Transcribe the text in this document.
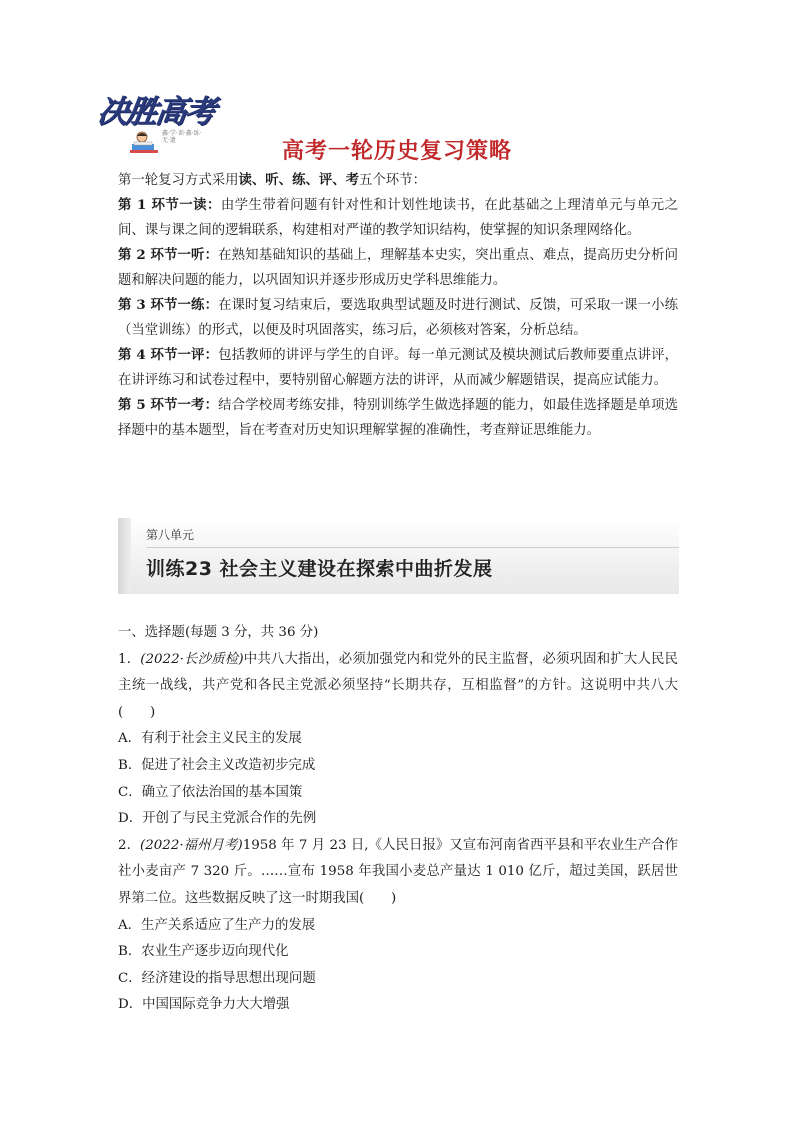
决胜高考
鑫·学·训·鑫·练·无·遗	高考一轮历史复习策略

第一轮复习方式采用读、听、练、评、考五个环节：

第 1 环节一读：由学生带着问题有针对性和计划性地读书，在此基础之上理清单元与单元之间、课与课之间的逻辑联系，构建相对严谨的教学知识结构，使掌握的知识条理网络化。

第 2 环节一听：在熟知基础知识的基础上，理解基本史实，突出重点、难点，提高历史分析问题和解决问题的能力，以巩固知识并逐步形成历史学科思维能力。

第 3 环节一练：在课时复习结束后，要选取典型试题及时进行测试、反馈，可采取一课一小练（当堂训练）的形式，以便及时巩固落实，练习后，必须核对答案，分析总结。

第 4 环节一评：包括教师的讲评与学生的自评。每一单元测试及模块测试后教师要重点讲评，在讲评练习和试卷过程中，要特别留心解题方法的讲评，从而减少解题错误，提高应试能力。

第 5 环节一考：结合学校周考练安排，特别训练学生做选择题的能力，如最佳选择题是单项选择题中的基本题型，旨在考查对历史知识理解掌握的准确性，考查辩证思维能力。

第八单元
训练23 社会主义建设在探索中曲折发展

一、选择题(每题 3 分，共 36 分)

1．(2022·长沙质检)中共八大指出，必须加强党内和党外的民主监督，必须巩固和扩大人民民主统一战线，共产党和各民主党派必须坚持“长期共存，互相监督”的方针。这说明中共八大(　　)

A．有利于社会主义民主的发展

B．促进了社会主义改造初步完成

C．确立了依法治国的基本国策

D．开创了与民主党派合作的先例

2．(2022·福州月考)1958 年 7 月 23 日,《人民日报》又宣布河南省西平县和平农业生产合作社小麦亩产 7 320 斤。……宣布 1958 年我国小麦总产量达 1 010 亿斤，超过美国，跃居世界第二位。这些数据反映了这一时期我国(　　)

A．生产关系适应了生产力的发展

B．农业生产逐步迈向现代化

C．经济建设的指导思想出现问题

D．中国国际竞争力大大增强
